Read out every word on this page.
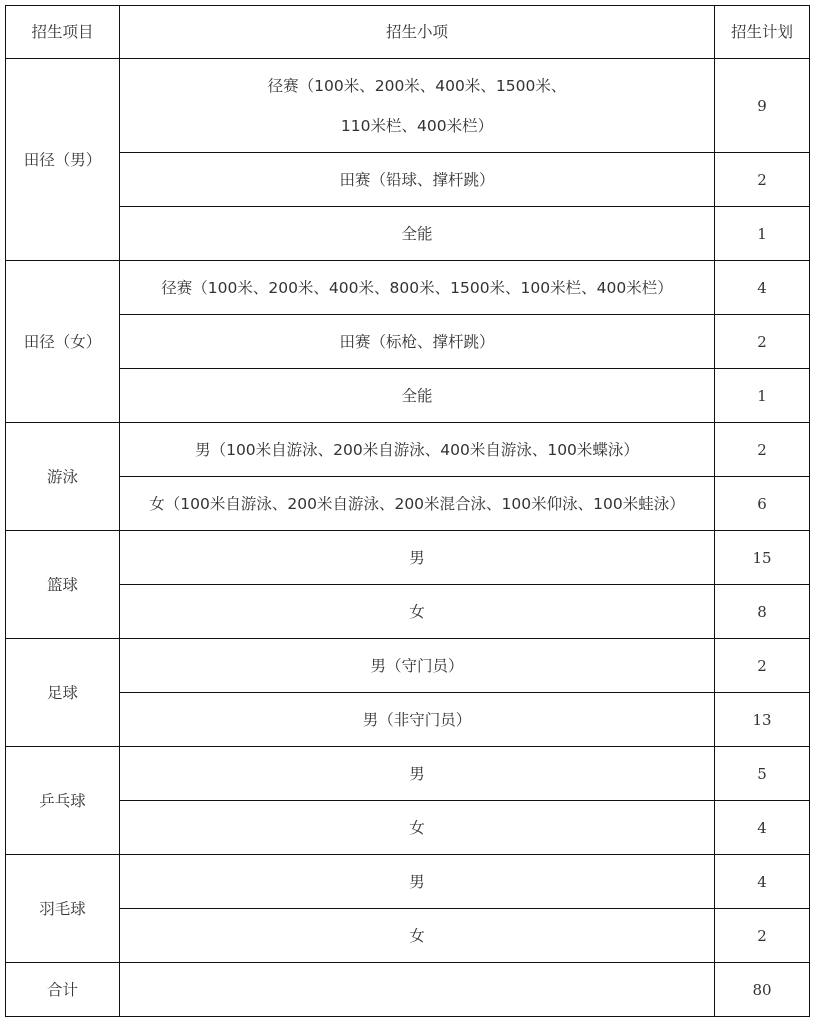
招生项目	招生小项	招生计划
田径（男）	径赛（100米、200米、400米、1500米、
110米栏、400米栏）	9
	田赛（铅球、撑杆跳）	2
	全能	1
田径（女）	径赛（100米、200米、400米、800米、1500米、100米栏、400米栏）	4
	田赛（标枪、撑杆跳）	2
	全能	1
游泳	男（100米自游泳、200米自游泳、400米自游泳、100米蝶泳）	2
	女（100米自游泳、200米自游泳、200米混合泳、100米仰泳、100米蛙泳）	6
篮球	男	15
	女	8
足球	男（守门员）	2
	男（非守门员）	13
乒乓球	男	5
	女	4
羽毛球	男	4
	女	2
合计		80
